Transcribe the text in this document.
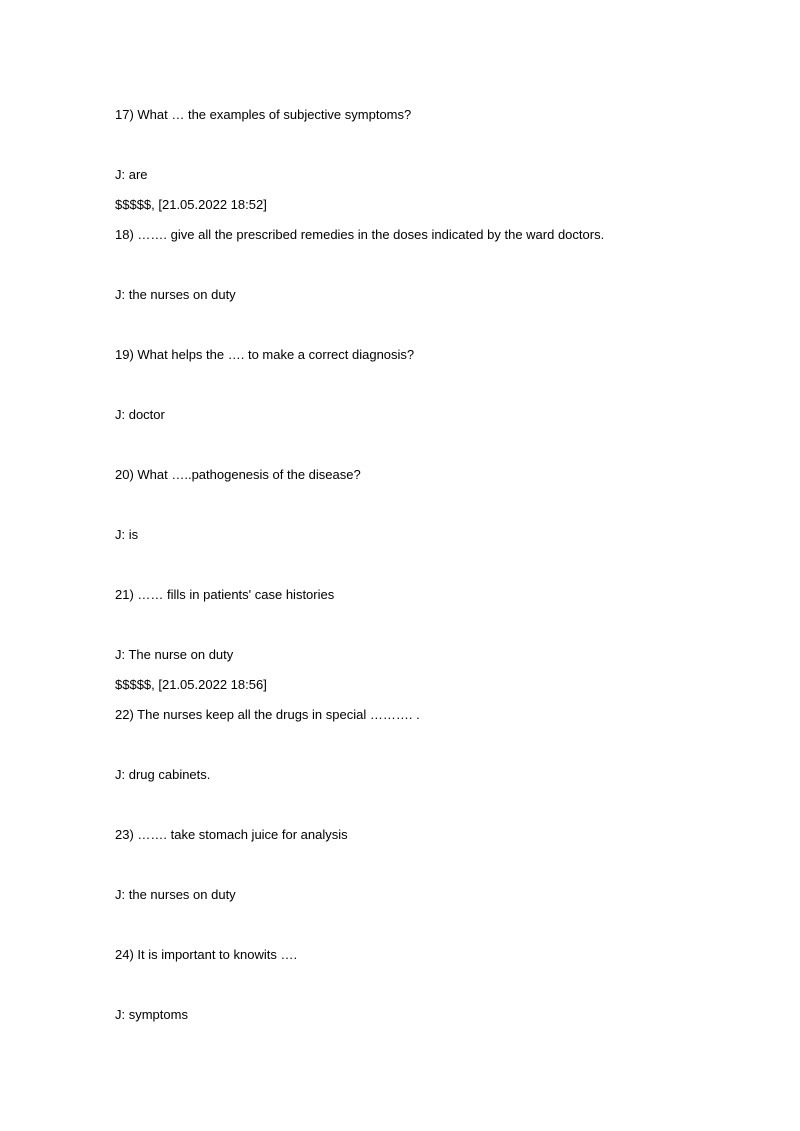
17) What … the examples of subjective symptoms?
J: are
$$$$$, [21.05.2022 18:52]
18) ……. give all the prescribed remedies in the doses indicated by the ward doctors.
J: the nurses on duty
19) What helps the …. to make a correct diagnosis?
J: doctor
20) What …..pathogenesis of the disease?
J: is
21) …… fills in patients' case histories
J: The nurse on duty
$$$$$, [21.05.2022 18:56]
22) The nurses keep all the drugs in special ………. .
J: drug cabinets.
23) ……. take stomach juice for analysis
J: the nurses on duty
24) It is important to knowits ….
J: symptoms
